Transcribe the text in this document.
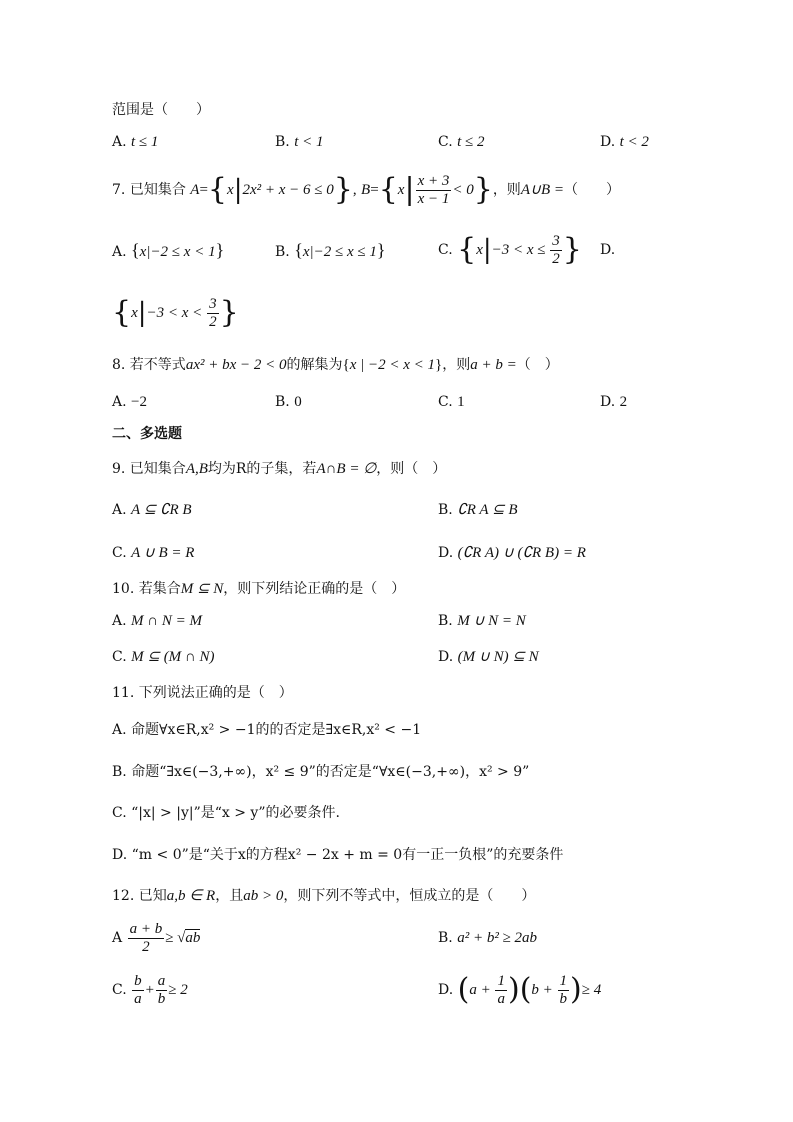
范围是（　　）
A. t ≤ 1	B. t < 1	C. t ≤ 2	D. t < 2
7. 已知集合 A={x|2x² + x − 6 ≤ 0}, $B=\{x| \frac{x + 3}{x - 1} < 0\}$，则A∪B =（　　）
A. {x|−2 ≤ x < 1}	B. {x|−2 ≤ x ≤ 1}	C. {$x|-3 < x \le \frac{3}{2}$ } D.
{$x|-3 < x < \frac{3}{2}$ }
8. 若不等式ax² + bx − 2 < 0的解集为{x | −2 < x < 1}，则a + b =（　）
A. −2	B. 0	C. 1	D. 2
二、多选题
9. 已知集合A,B均为R的子集，若A∩B = ∅，则（　）
A. A ⊆ ∁R B	B. ∁R A ⊆ B
C. A ∪ B = R	D. (∁R A) ∪ (∁R B) = R
10. 若集合M ⊆ N，则下列结论正确的是（　）
A. M ∩ N = M	B. M ∪ N = N
C. M ⊆ (M ∩ N)	D. (M ∪ N) ⊆ N
11. 下列说法正确的是（　）
A. 命题∀x∈R,x² > −1的的否定是∃x∈R,x² < −1
B. 命题“∃x∈(−3,+∞)，x² ≤ 9”的否定是“∀x∈(−3,+∞)，x² > 9”
C. “|x| > |y|”是“x > y”的必要条件.
D. “m < 0”是“关于x的方程x² − 2x + m = 0有一正一负根”的充要条件
12. 已知a,b ∈ R，且ab > 0，则下列不等式中，恒成立的是（　　）
A $\frac{a + b}{2} \ge √ab$	B. a² + b² ≥ 2ab
C. $\frac{b}{a} + \frac{a}{b} \ge 2$	D. $(a + \frac{1}{a} )(b + \frac{1}{b}$ )≥ 4
